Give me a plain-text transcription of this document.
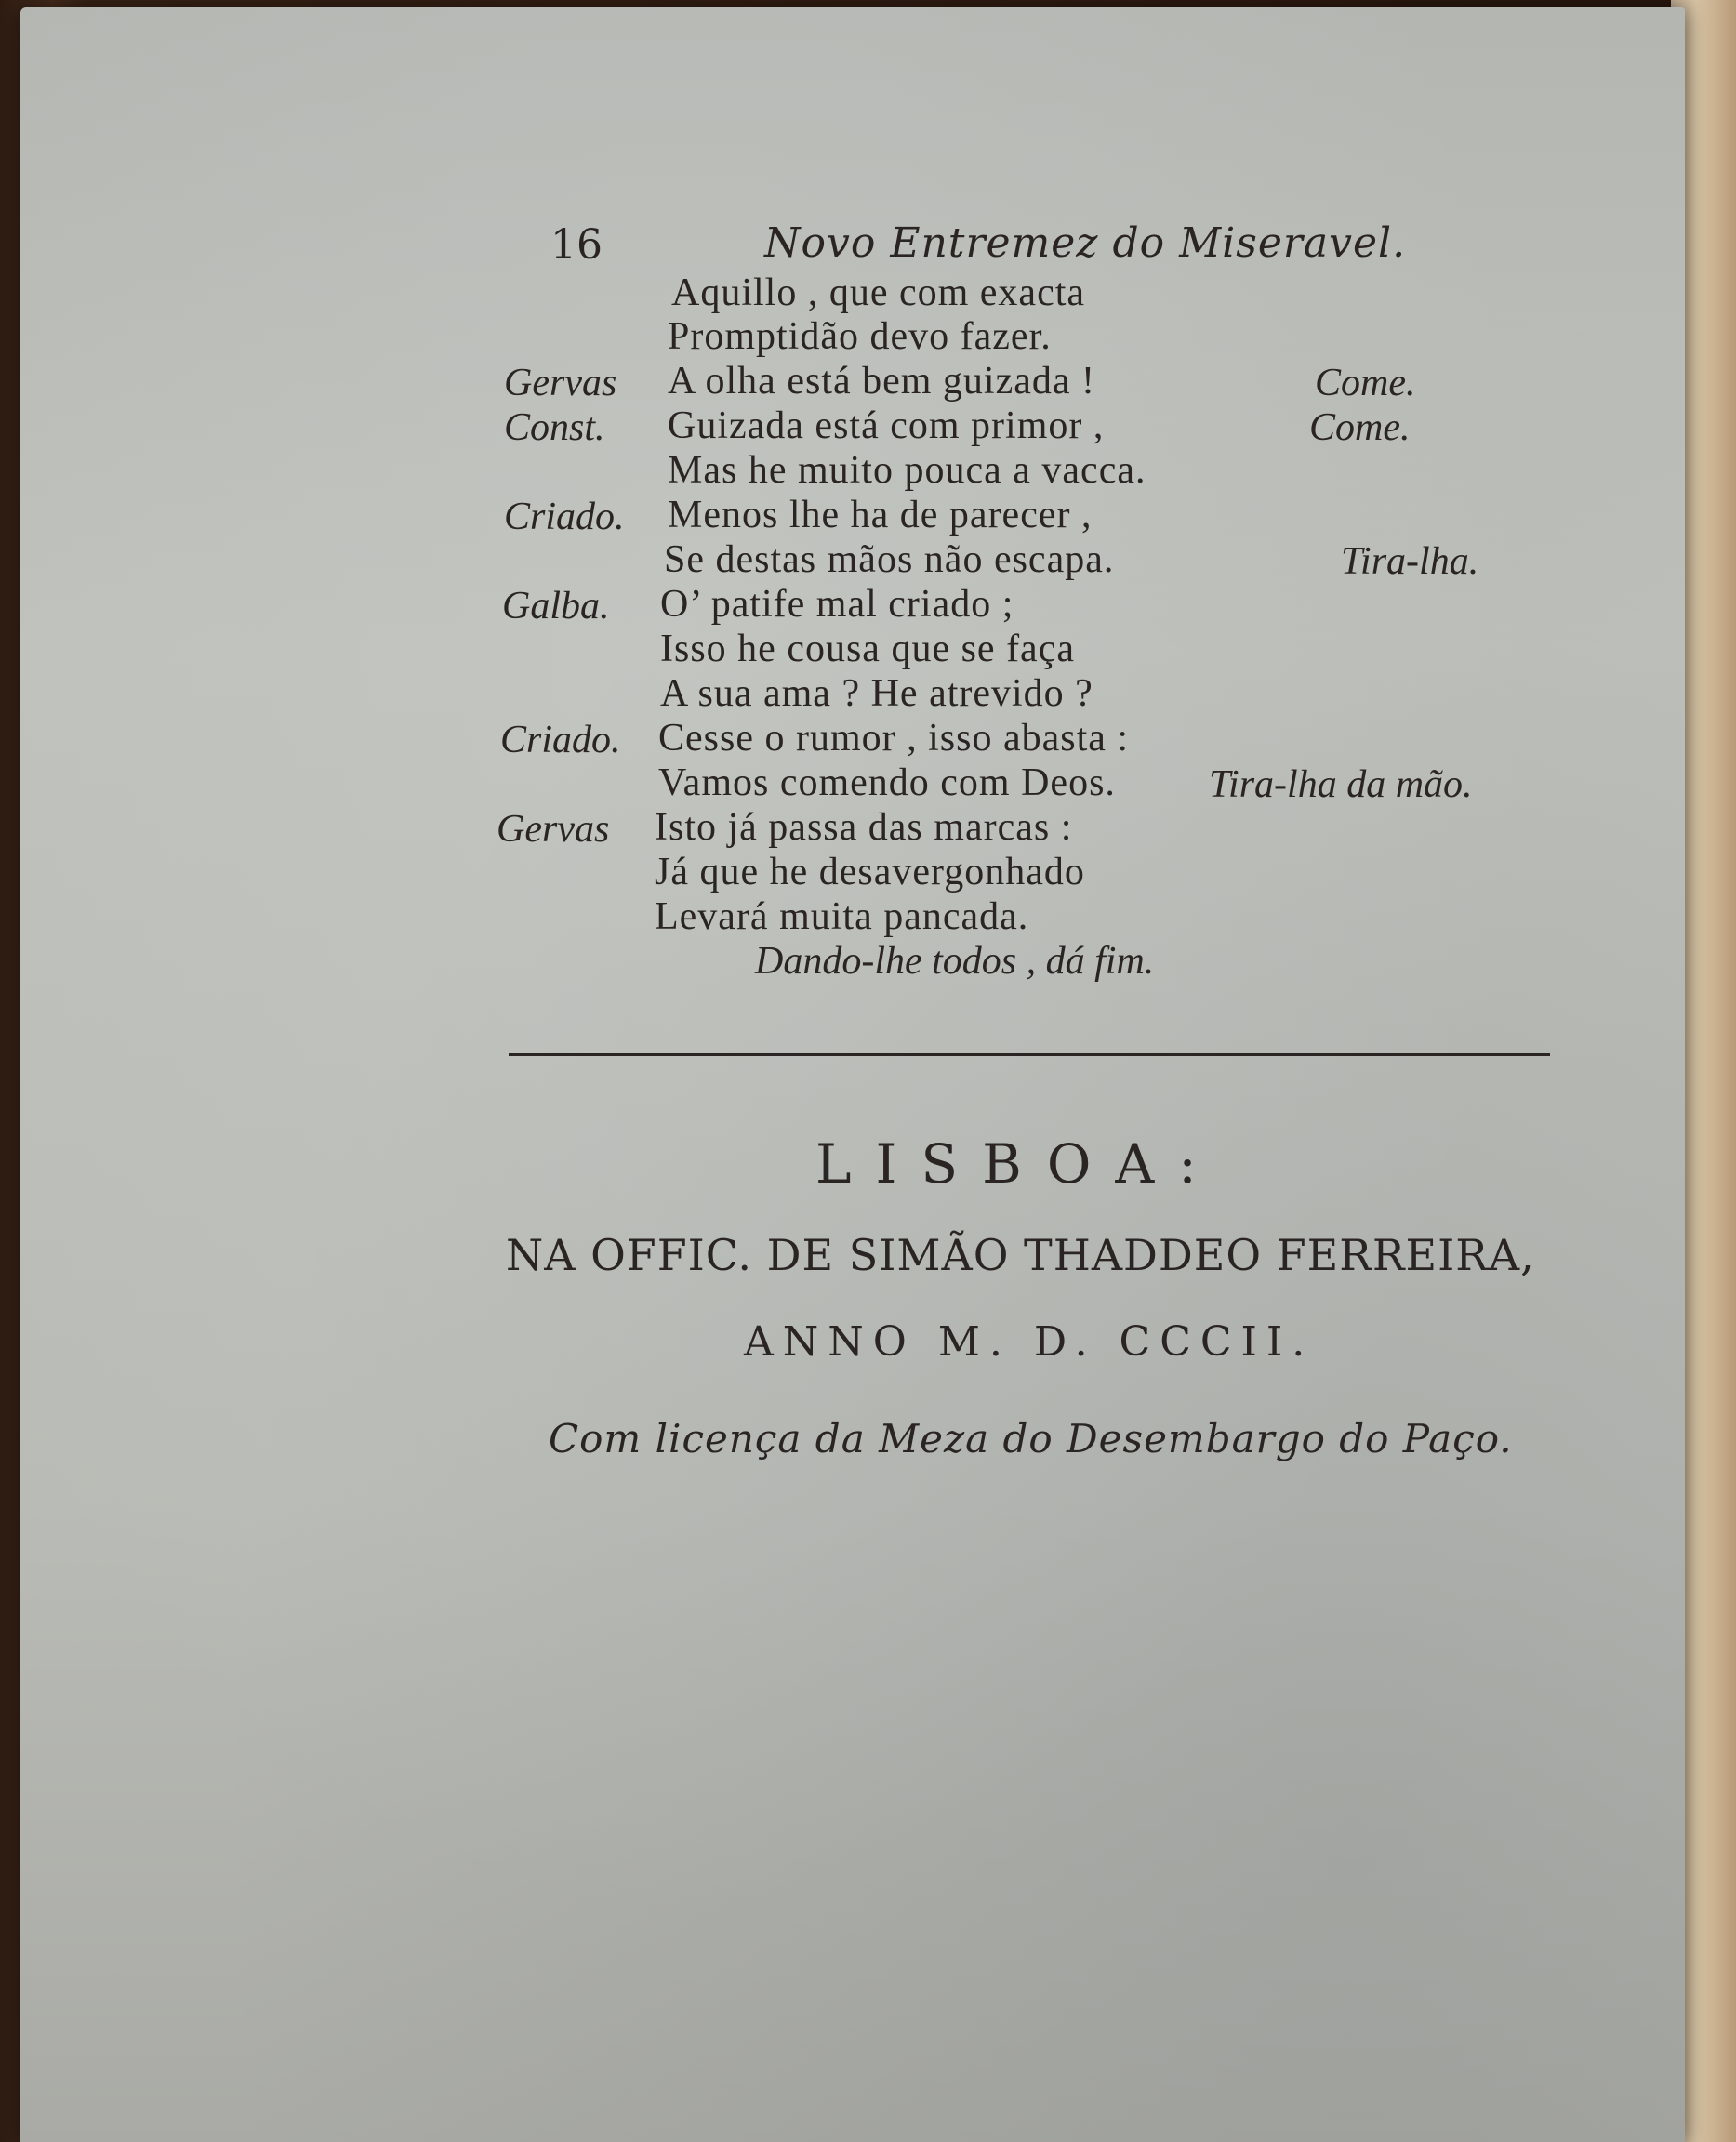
16	Novo Entremez do Miseravel.
Aquillo , que com exacta
Promptidão devo fazer.
Gervas A olha está bem guizada !	Come.
Const. Guizada está com primor ,	Come.
Mas he muito pouca a vacca.
Criado. Menos lhe ha de parecer ,
Se destas mãos não escapa.	Tira-lha.
Galba. O’ patife mal criado ;
Isso he cousa que se faça
A sua ama ? He atrevido ?
Criado. Cesse o rumor , isso abasta :
Vamos comendo com Deos. Tira-lha da mão.
Gervas Isto já passa das marcas :
Já que he desavergonhado
Levará muita pancada.
Dando-lhe todos , dá fim.
LISBOA:
NA OFFIC. DE SIMÃO THADDEO FERREIRA,
ANNO M. D. CCCII.
Com licença da Meza do Desembargo do Paço.
